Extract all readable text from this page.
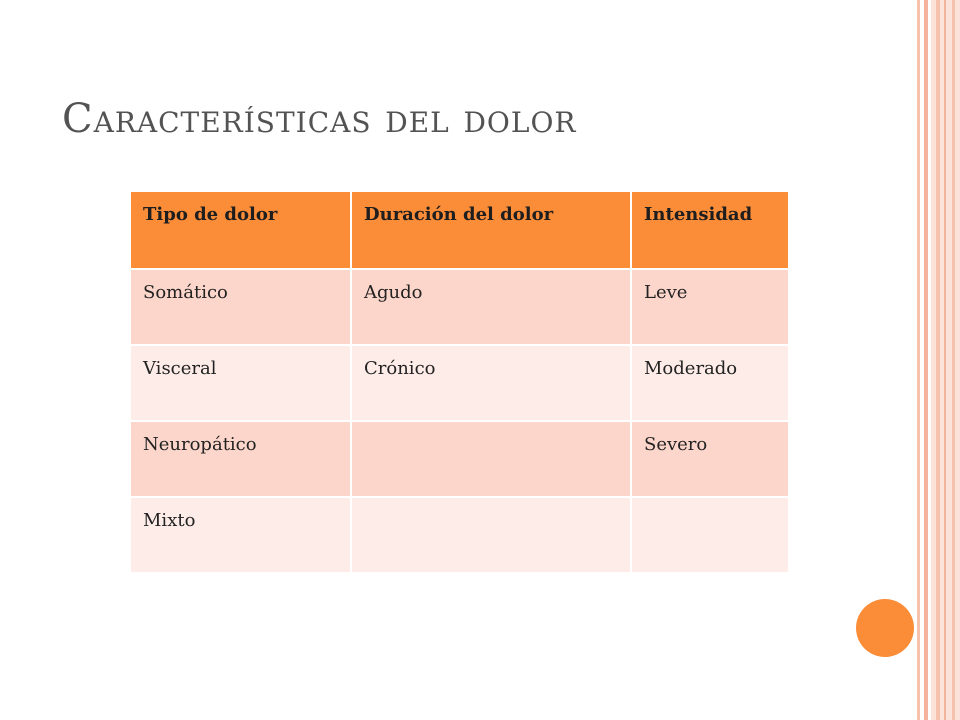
Características del dolor
Tipo de dolor	Duración del dolor	Intensidad
Somático	Agudo	Leve
Visceral	Crónico	Moderado
Neuropático		Severo
Mixto		
